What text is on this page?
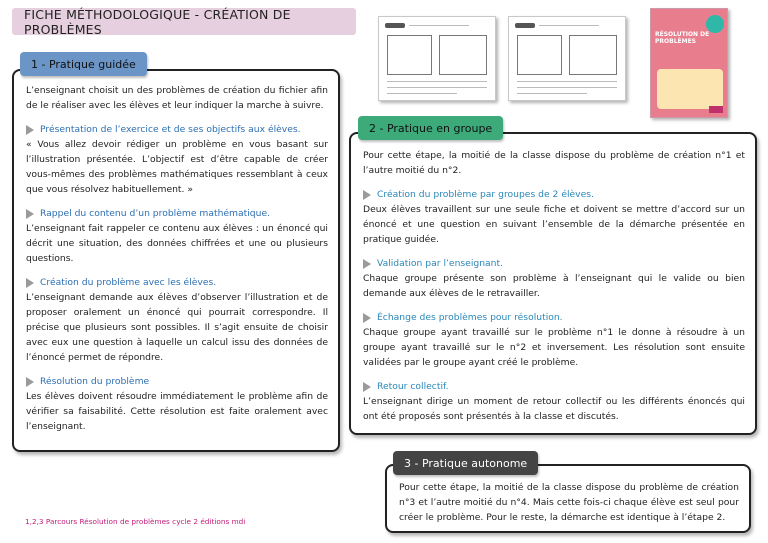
FICHE MÉTHODOLOGIQUE - CRÉATION DE PROBLÈMES	RÉSOLUTION DE PROBLÈMES

L’enseignant choisit un des problèmes de création du fichier afin de le réaliser avec les élèves et leur indiquer la marche à suivre.

Présentation de l’exercice et de ses objectifs aux élèves.

« Vous allez devoir rédiger un problème en vous basant sur l’illustration présentée. L’objectif est d’être capable de créer vous-mêmes des problèmes mathématiques ressemblant à ceux que vous résolvez habituellement. »

Rappel du contenu d’un problème mathématique.

L’enseignant fait rappeler ce contenu aux élèves : un énoncé qui décrit une situation, des données chiffrées et une ou plusieurs questions.

Création du problème avec les élèves.

L’enseignant demande aux élèves d’observer l’illustration et de proposer oralement un énoncé qui pourrait correspondre. Il précise que plusieurs sont possibles. Il s’agit ensuite de choisir avec eux une question à laquelle un calcul issu des données de l’énoncé permet de répondre.

Résolution du problème

Les élèves doivent résoudre immédiatement le problème afin de vérifier sa faisabilité. Cette résolution est faite oralement avec l’enseignant.

1 - Pratique guidée

Pour cette étape, la moitié de la classe dispose du problème de création n°1 et l’autre moitié du n°2.

Création du problème par groupes de 2 élèves.

Deux élèves travaillent sur une seule fiche et doivent se mettre d’accord sur un énoncé et une question en suivant l’ensemble de la démarche présentée en pratique guidée.

Validation par l’enseignant.

Chaque groupe présente son problème à l’enseignant qui le valide ou bien demande aux élèves de le retravailler.

Échange des problèmes pour résolution.

Chaque groupe ayant travaillé sur le problème n°1 le donne à résoudre à un groupe ayant travaillé sur le n°2 et inversement. Les résolution sont ensuite validées par le groupe ayant créé le problème.

Retour collectif.

L’enseignant dirige un moment de retour collectif ou les différents énoncés qui ont été proposés sont présentés à la classe et discutés.

2 - Pratique en groupe

Pour cette étape, la moitié de la classe dispose du problème de création n°3 et l’autre moitié du n°4. Mais cette fois-ci chaque élève est seul pour créer le problème. Pour le reste, la démarche est identique à l’étape 2.

3 - Pratique autonome
1,2,3 Parcours Résolution de problèmes cycle 2 éditions mdi
